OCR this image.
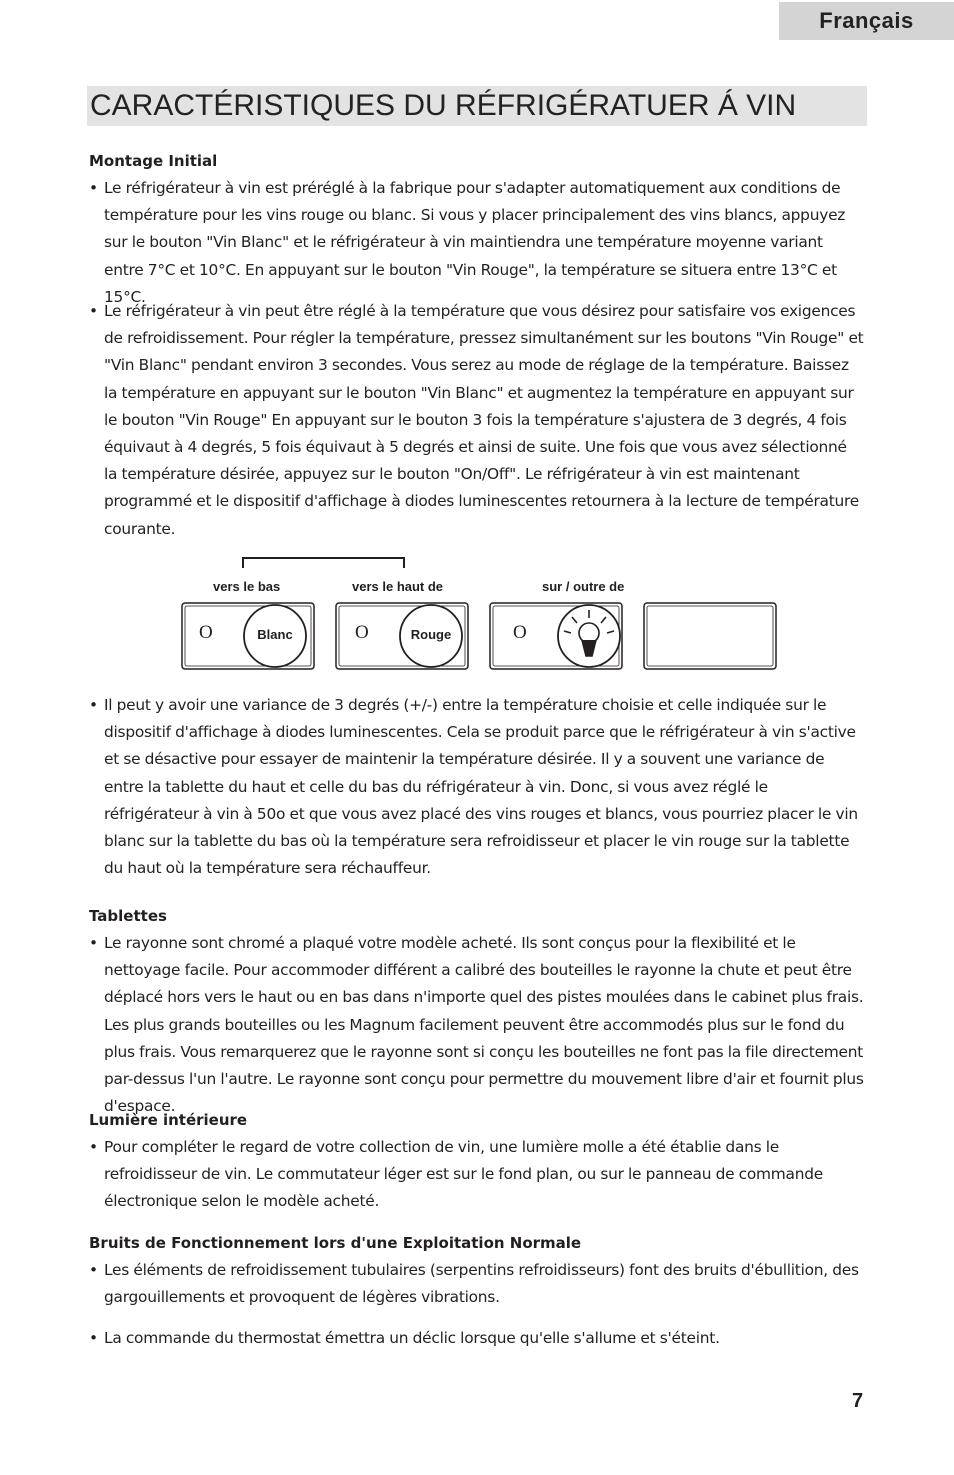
Français
CARACTÉRISTIQUES DU RÉFRIGÉRATUER Á VIN
Montage Initial
• Le réfrigérateur à vin est préréglé à la fabrique pour s'adapter automatiquement aux conditions de température pour les vins rouge ou blanc. Si vous y placer principalement des vins blancs, appuyez sur le bouton "Vin Blanc" et le réfrigérateur à vin maintiendra une température moyenne variant entre 7°C et 10°C. En appuyant sur le bouton "Vin Rouge", la température se situera entre 13°C et 15°C.
• Le réfrigérateur à vin peut être réglé à la température que vous désirez pour satisfaire vos exigences de refroidissement. Pour régler la température, pressez simultanément sur les boutons "Vin Rouge" et "Vin Blanc" pendant environ 3 secondes. Vous serez au mode de réglage de la température. Baissez la température en appuyant sur le bouton "Vin Blanc" et augmentez la température en appuyant sur le bouton "Vin Rouge" En appuyant sur le bouton 3 fois la température s'ajustera de 3 degrés, 4 fois équivaut à 4 degrés, 5 fois équivaut à 5 degrés et ainsi de suite. Une fois que vous avez sélectionné la température désirée, appuyez sur le bouton "On/Off". Le réfrigérateur à vin est maintenant programmé et le dispositif d'affichage à diodes luminescentes retournera à la lecture de température courante.
vers le bas	vers le haut de	sur / outre de
O	O	O
Blanc	Rouge
• Il peut y avoir une variance de 3 degrés (+/-) entre la température choisie et celle indiquée sur le dispositif d'affichage à diodes luminescentes. Cela se produit parce que le réfrigérateur à vin s'active et se désactive pour essayer de maintenir la température désirée. Il y a souvent une variance de entre la tablette du haut et celle du bas du réfrigérateur à vin. Donc, si vous avez réglé le réfrigérateur à vin à 50o et que vous avez placé des vins rouges et blancs, vous pourriez placer le vin blanc sur la tablette du bas où la température sera refroidisseur et placer le vin rouge sur la tablette du haut où la température sera réchauffeur.
Tablettes
• Le rayonne sont chromé a plaqué votre modèle acheté. Ils sont conçus pour la flexibilité et le nettoyage facile. Pour accommoder différent a calibré des bouteilles le rayonne la chute et peut être déplacé hors vers le haut ou en bas dans n'importe quel des pistes moulées dans le cabinet plus frais. Les plus grands bouteilles ou les Magnum facilement peuvent être accommodés plus sur le fond du plus frais. Vous remarquerez que le rayonne sont si conçu les bouteilles ne font pas la file directement par-dessus l'un l'autre. Le rayonne sont conçu pour permettre du mouvement libre d'air et fournit plus d'espace.
Lumière intérieure
• Pour compléter le regard de votre collection de vin, une lumière molle a été établie dans le refroidisseur de vin. Le commutateur léger est sur le fond plan, ou sur le panneau de commande électronique selon le modèle acheté.
Bruits de Fonctionnement lors d'une Exploitation Normale
• Les éléments de refroidissement tubulaires (serpentins refroidisseurs) font des bruits d'ébullition, des gargouillements et provoquent de légères vibrations.
• La commande du thermostat émettra un déclic lorsque qu'elle s'allume et s'éteint.
7
